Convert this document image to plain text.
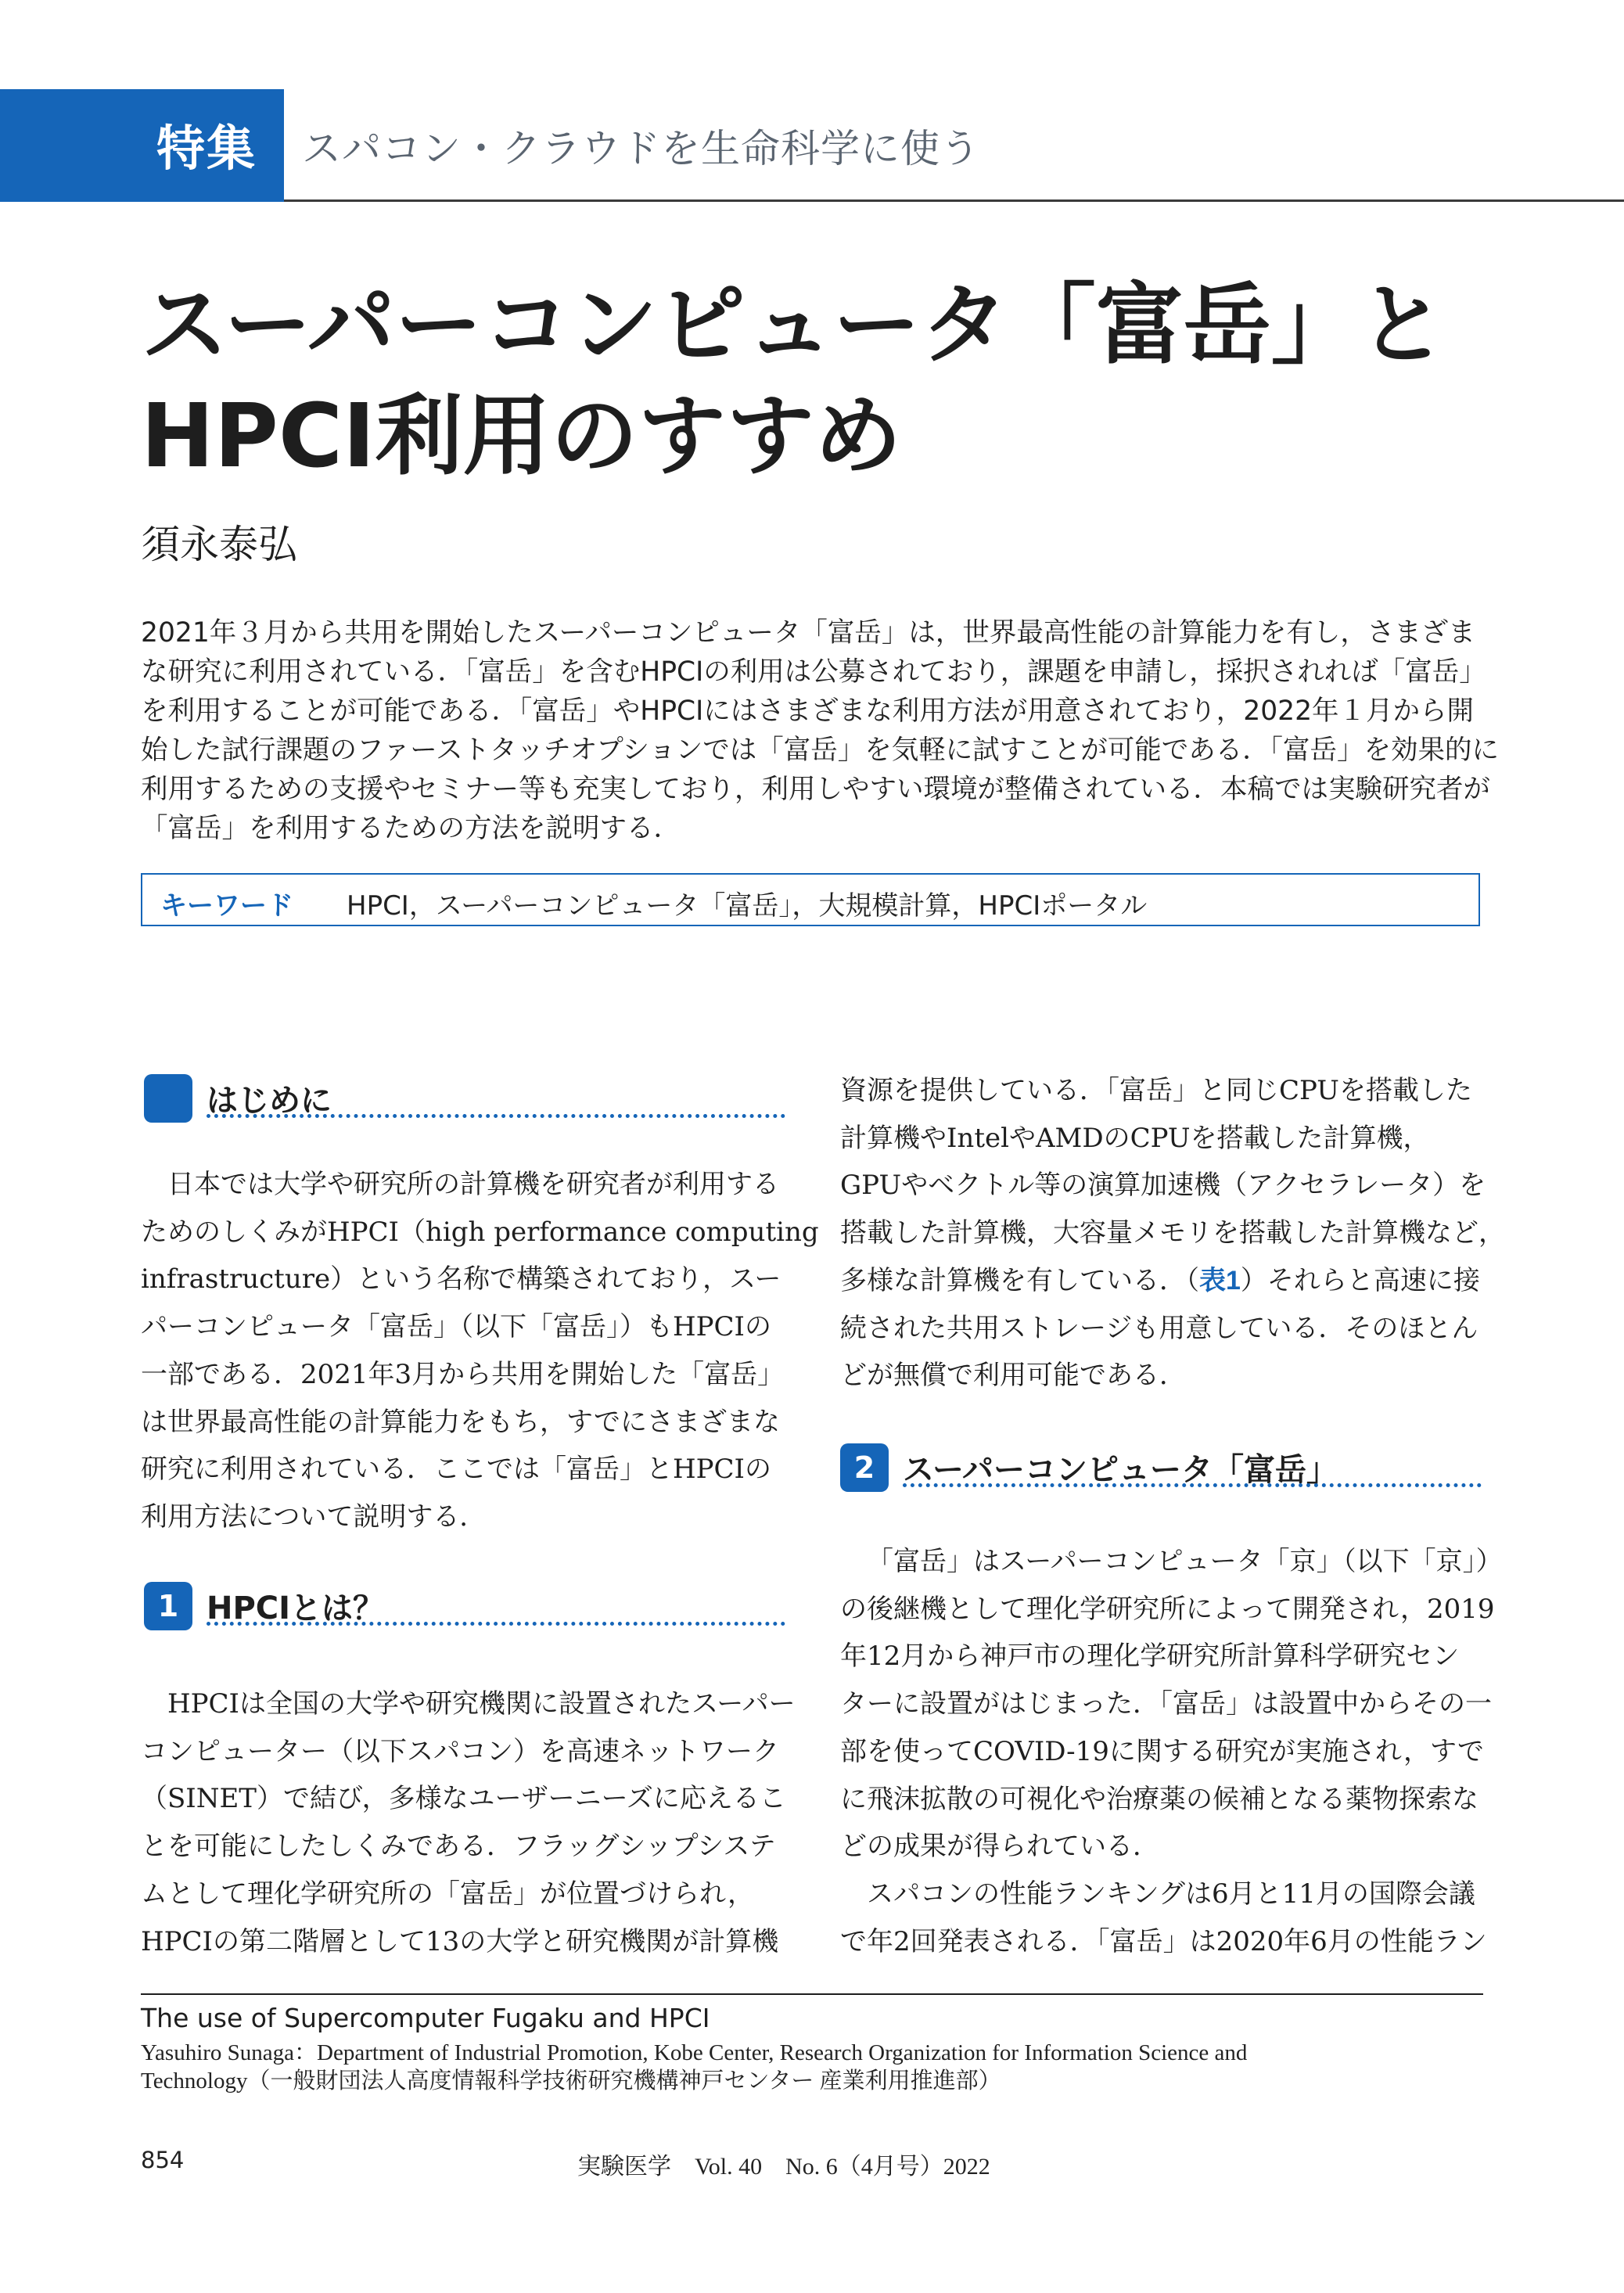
特集 スパコン・クラウドを生命科学に使う
スーパーコンピュータ「富岳」と
HPCI利用のすすめ
須永泰弘
2021年３月から共用を開始したスーパーコンピュータ「富岳」は，世界最高性能の計算能力を有し，さまざま
な研究に利用されている．「富岳」を含むHPCIの利用は公募されており，課題を申請し，採択されれば「富岳」
を利用することが可能である．「富岳」やHPCIにはさまざまな利用方法が用意されており，2022年１月から開
始した試行課題のファーストタッチオプションでは「富岳」を気軽に試すことが可能である．「富岳」を効果的に
利用するための支援やセミナー等も充実しており，利用しやすい環境が整備されている．本稿では実験研究者が
「富岳」を利用するための方法を説明する．
キーワード HPCI，スーパーコンピュータ「富岳」，大規模計算，HPCIポータル
はじめに
日本では大学や研究所の計算機を研究者が利用する
ためのしくみがHPCI（high performance computing
infrastructure）という名称で構築されており，スー
パーコンピュータ「富岳」（以下「富岳」）もHPCIの
一部である．2021年3月から共用を開始した「富岳」
は世界最高性能の計算能力をもち，すでにさまざまな
研究に利用されている．ここでは「富岳」とHPCIの
利用方法について説明する．
1 HPCIとは？
HPCIは全国の大学や研究機関に設置されたスーパー
コンピューター（以下スパコン）を高速ネットワーク
（SINET）で結び，多様なユーザーニーズに応えるこ
とを可能にしたしくみである．フラッグシップシステ
ムとして理化学研究所の「富岳」が位置づけられ，
HPCIの第二階層として13の大学と研究機関が計算機
資源を提供している．「富岳」と同じCPUを搭載した
計算機やIntelやAMDのCPUを搭載した計算機，
GPUやベクトル等の演算加速機（アクセラレータ）を
搭載した計算機，大容量メモリを搭載した計算機など，
多様な計算機を有している．（表1）それらと高速に接
続された共用ストレージも用意している．そのほとん
どが無償で利用可能である．
2 スーパーコンピュータ「富岳」
「富岳」はスーパーコンピュータ「京」（以下「京」）
の後継機として理化学研究所によって開発され，2019
年12月から神戸市の理化学研究所計算科学研究セン
ターに設置がはじまった．「富岳」は設置中からその一
部を使ってCOVID-19に関する研究が実施され，すで
に飛沫拡散の可視化や治療薬の候補となる薬物探索な
どの成果が得られている．
スパコンの性能ランキングは6月と11月の国際会議
で年2回発表される．「富岳」は2020年6月の性能ラン
The use of Supercomputer Fugaku and HPCI
Yasuhiro Sunaga：Department of Industrial Promotion, Kobe Center, Research Organization for Information Science and
Technology（一般財団法人高度情報科学技術研究機構神戸センター 産業利用推進部）
854	実験医学　Vol. 40　No. 6（4月号）2022
